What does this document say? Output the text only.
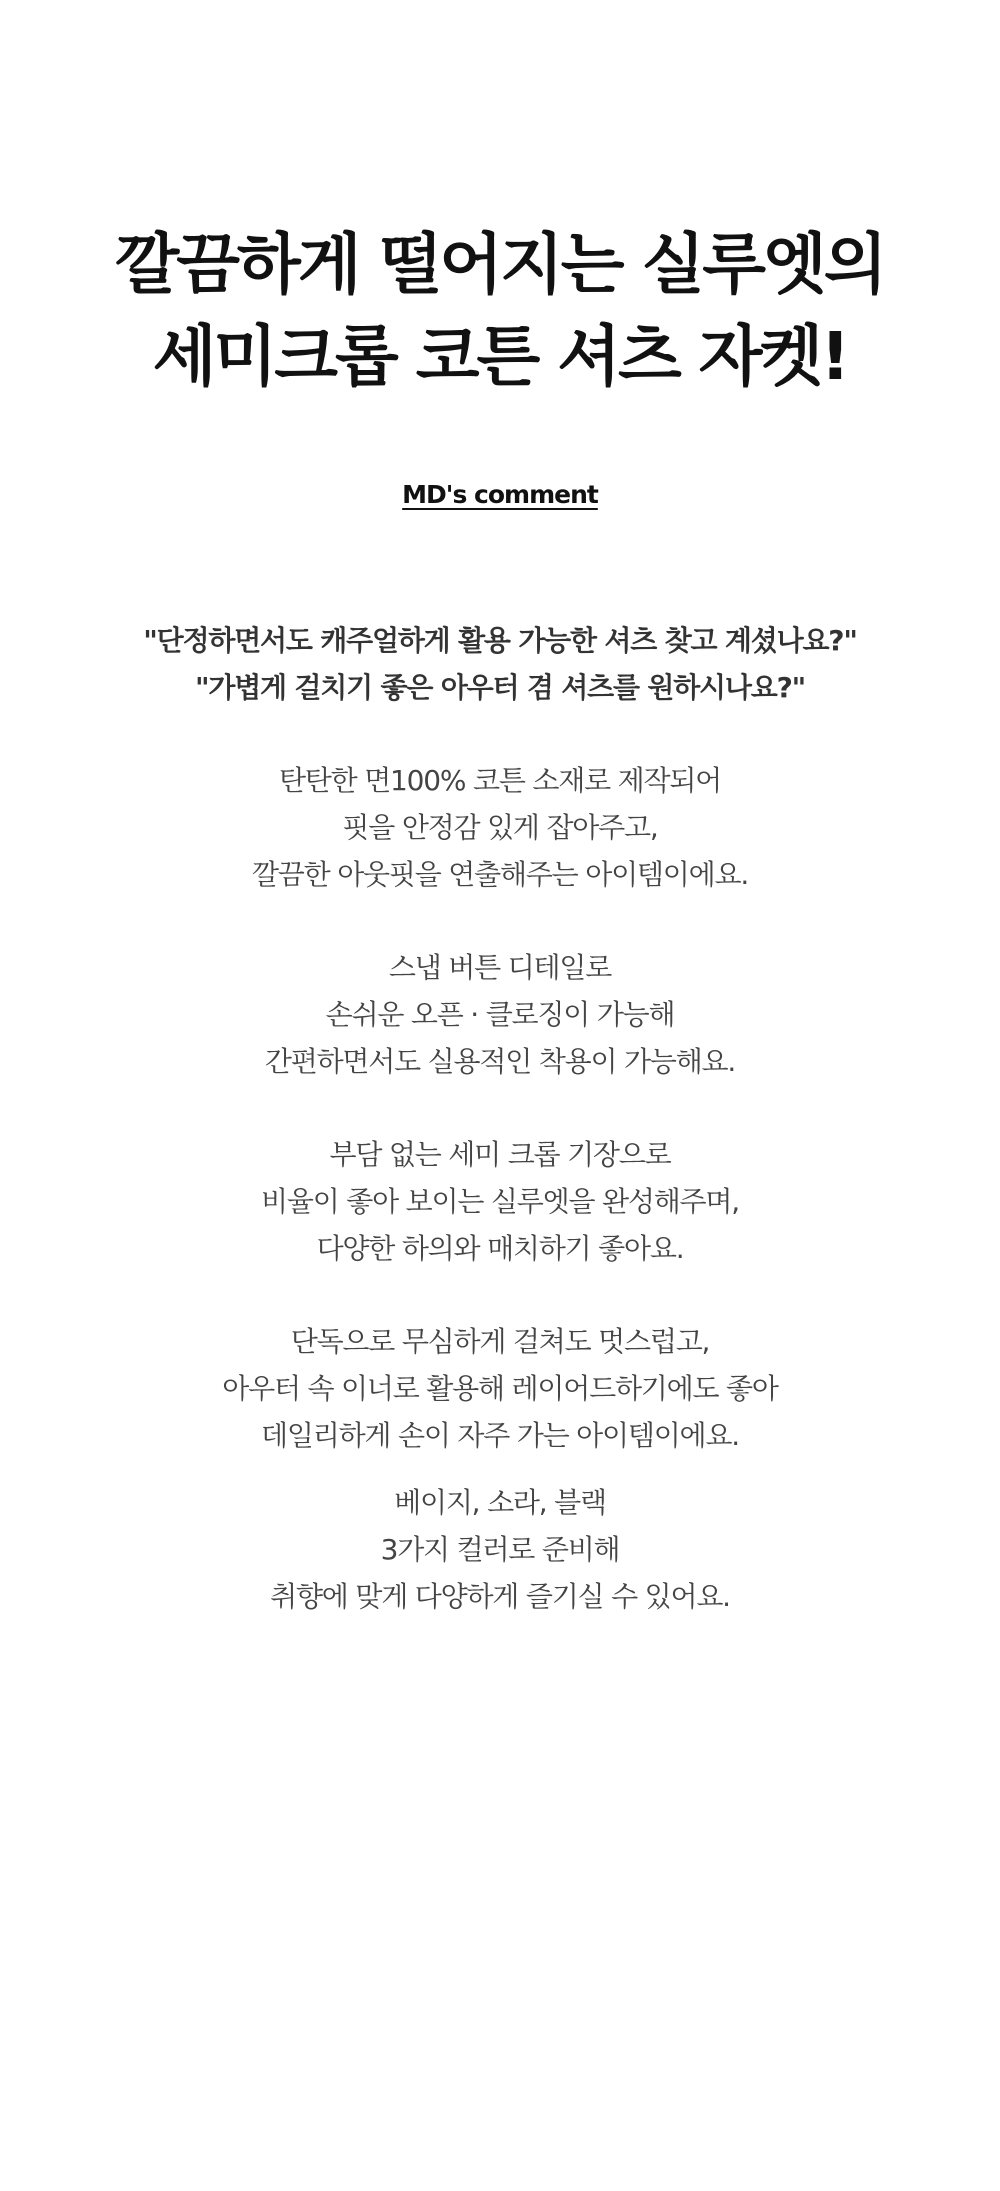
깔끔하게 떨어지는 실루엣의
세미크롭 코튼 셔츠 자켓!
MD's comment
"단정하면서도 캐주얼하게 활용 가능한 셔츠 찾고 계셨나요?"
"가볍게 걸치기 좋은 아우터 겸 셔츠를 원하시나요?"
탄탄한 면100% 코튼 소재로 제작되어
핏을 안정감 있게 잡아주고,
깔끔한 아웃핏을 연출해주는 아이템이에요.
스냅 버튼 디테일로
손쉬운 오픈 · 클로징이 가능해
간편하면서도 실용적인 착용이 가능해요.
부담 없는 세미 크롭 기장으로
비율이 좋아 보이는 실루엣을 완성해주며,
다양한 하의와 매치하기 좋아요.
단독으로 무심하게 걸쳐도 멋스럽고,
아우터 속 이너로 활용해 레이어드하기에도 좋아
데일리하게 손이 자주 가는 아이템이에요.
베이지, 소라, 블랙
3가지 컬러로 준비해
취향에 맞게 다양하게 즐기실 수 있어요.
